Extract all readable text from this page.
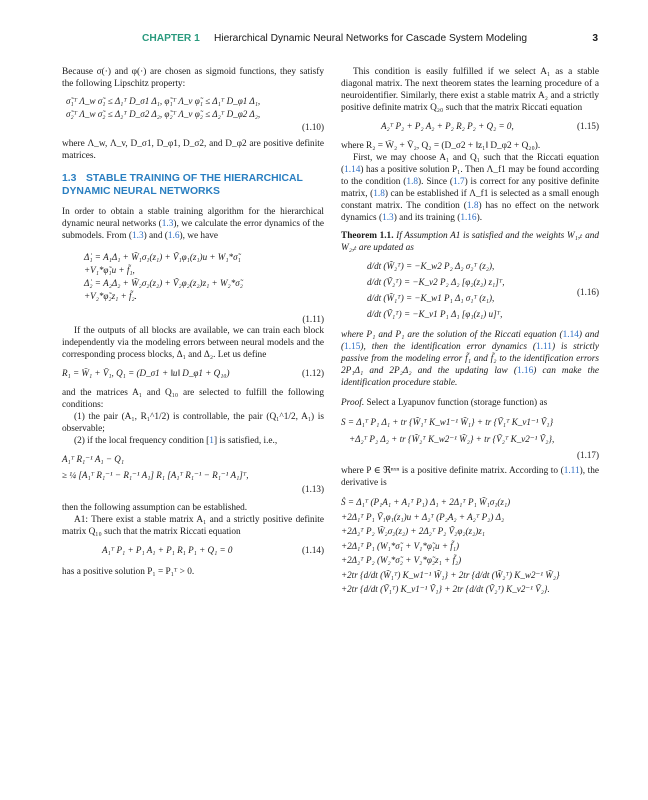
CHAPTER 1 Hierarchical Dynamic Neural Networks for Cascade System Modeling	3

Because σ(·) and φ(·) are chosen as sigmoid functions, they satisfy the following Lipschitz property:

σ̃₁ᵀ Λ_w σ̃₁ ≤ Δ₁ᵀ D_σ1 Δ₁, φ̃₁ᵀ Λ_v φ̃₁ ≤ Δ₁ᵀ D_φ1 Δ₁,
σ̃₂ᵀ Λ_w σ̃₂ ≤ Δ₂ᵀ D_σ2 Δ₂, φ̃₂ᵀ Λ_v φ̃₂ ≤ Δ₂ᵀ D_φ2 Δ₂,
(1.10)

where Λ_w, Λ_v, D_σ1, D_φ1, D_σ2, and D_φ2 are positive definite matrices.

1.3 STABLE TRAINING OF THE HIERARCHICAL DYNAMIC NEURAL NETWORKS

In order to obtain a stable training algorithm for the hierarchical dynamic neural networks (1.3), we calculate the error dynamics of the submodels. From (1.3) and (1.6), we have

Δ̇₁ = A₁Δ₁ + W̃₁σ₁(z₁) + Ṽ₁φ₁(z₁)u + W₁*σ̃₁
+V₁*φ̃₁u + f̃₁,
Δ̇₂ = A₂Δ₂ + W̃₂σ₂(z₂) + Ṽ₂φ₂(z₂)z₁ + W₂*σ̃₂
+V₂*φ̃₂z₁ + f̃₂.
(1.11)

If the outputs of all blocks are available, we can train each block independently via the modeling errors between neural models and the corresponding process blocks, Δ₁ and Δ₂. Let us define

R₁ = W̄₁ + V̄₁, Q₁ = (D_σ1 + ‖u‖ D_φ1 + Q₁₀)	(1.12)

and the matrices A₁ and Q₁₀ are selected to fulfill the following conditions:

(1) the pair (A₁, R₁^1/2) is controllable, the pair (Q₁^1/2, A₁) is observable;

(2) if the local frequency condition [1] is satisfied, i.e.,

A₁ᵀ R₁⁻¹ A₁ − Q₁
≥ ¼ [A₁ᵀ R₁⁻¹ − R₁⁻¹ A₁] R₁ [A₁ᵀ R₁⁻¹ − R₁⁻¹ A₁]ᵀ,
(1.13)

then the following assumption can be established.

A1: There exist a stable matrix A₁ and a strictly positive definite matrix Q₁₀ such that the matrix Riccati equation

A₁ᵀ P₁ + P₁ A₁ + P₁ R₁ P₁ + Q₁ = 0	(1.14)

has a positive solution P₁ = P₁ᵀ > 0.

This condition is easily fulfilled if we select A₁ as a stable diagonal matrix. The next theorem states the learning procedure of a neuroidentifier. Similarly, there exist a stable matrix A₂ and a strictly positive definite matrix Q₂₀ such that the matrix Riccati equation

A₂ᵀ P₂ + P₂ A₂ + P₂ R₂ P₂ + Q₂ = 0,	(1.15)

where R₂ = W̄₂ + V̄₂, Q₂ = (D_σ2 + ‖z₁‖ D_φ2 + Q₂₀).

First, we may choose A₁ and Q₁ such that the Riccati equation (1.14) has a positive solution P₁. Then Λ_f1 may be found according to the condition (1.8). Since (1.7) is correct for any positive definite matrix, (1.8) can be established if Λ_f1 is selected as a small enough constant matrix. The condition (1.8) has no effect on the network dynamics (1.3) and its training (1.16).

Theorem 1.1. If Assumption A1 is satisfied and the weights W₁,ₜ and W₂,ₜ are updated as

d/dt (W̃₂ᵀ) = −K_w2 P₂ Δ₂ σ₂ᵀ (z₂),
d/dt (Ṽ₂ᵀ) = −K_v2 P₂ Δ₂ [φ₂(z₂) z₁]ᵀ,
d/dt (W̃₁ᵀ) = −K_w1 P₁ Δ₁ σ₁ᵀ (z₁),
d/dt (Ṽ₁ᵀ) = −K_v1 P₁ Δ₁ [φ₁(z₁) u]ᵀ,
(1.16)

where P₁ and P₁ are the solution of the Riccati equation (1.14) and (1.15), then the identification error dynamics (1.11) is strictly passive from the modeling error f̃₁ and f̃₂ to the identification errors 2P₁Δ₁ and 2P₂Δ₂ and the updating law (1.16) can make the identification procedure stable.

Proof. Select a Lyapunov function (storage function) as

S = Δ₁ᵀ P₁ Δ₁ + tr {W̃₁ᵀ K_w1⁻¹ W̃₁} + tr {Ṽ₁ᵀ K_v1⁻¹ Ṽ₁}
+Δ₂ᵀ P₂ Δ₂ + tr {W̃₂ᵀ K_w2⁻¹ W̃₂} + tr {Ṽ₂ᵀ K_v2⁻¹ Ṽ₂},
(1.17)

where P ∈ ℜⁿˣⁿ is a positive definite matrix. According to (1.11), the derivative is

Ṡ = Δ₁ᵀ (P₁A₁ + A₁ᵀ P₁) Δ₁ + 2Δ₁ᵀ P₁ W̃₁σ₁(z₁)
+2Δ₁ᵀ P₁ Ṽ₁φ₁(z₁)u + Δ₂ᵀ (P₂A₂ + A₂ᵀ P₂) Δ₂
+2Δ₂ᵀ P₂ W̃₂σ₂(z₂) + 2Δ₂ᵀ P₂ Ṽ₂φ₂(z₂)z₁
+2Δ₁ᵀ P₁ (W₁*σ̃₁ + V₁*φ̃₁u + f̃₁)
+2Δ₂ᵀ P₂ (W₂*σ̃₂ + V₂*φ̃₂z₁ + f̃₂)
+2tr {d/dt (W̃₁ᵀ) K_w1⁻¹ W̃₁} + 2tr {d/dt (W̃₂ᵀ) K_w2⁻¹ W̃₂}
+2tr {d/dt (Ṽ₁ᵀ) K_v1⁻¹ Ṽ₁} + 2tr {d/dt (Ṽ₂ᵀ) K_v2⁻¹ Ṽ₂}.
